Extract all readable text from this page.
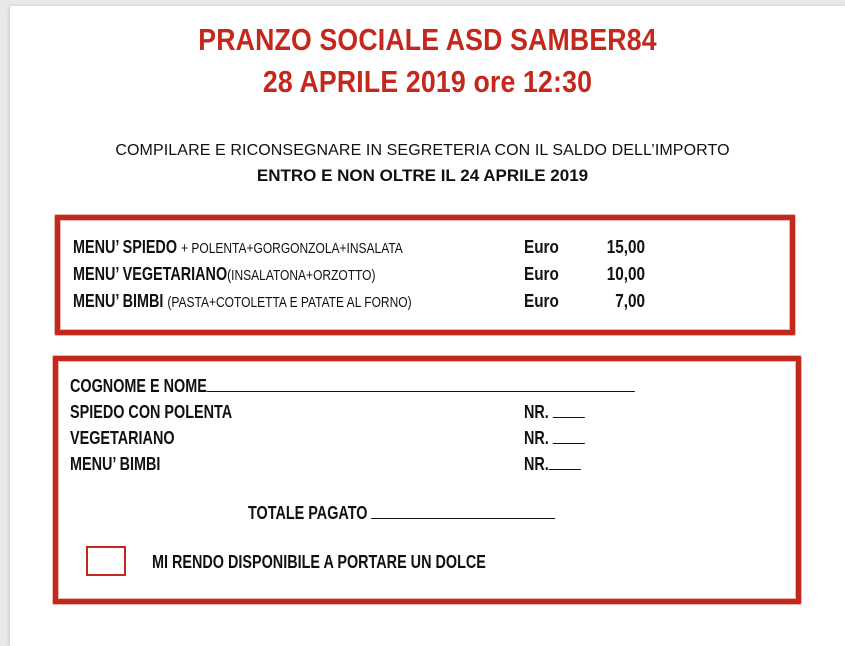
PRANZO SOCIALE ASD SAMBER84
28 APRILE 2019 ore 12:30
COMPILARE E RICONSEGNARE IN SEGRETERIA CON IL SALDO DELL’IMPORTO
ENTRO E NON OLTRE IL 24 APRILE 2019
MENU’ SPIEDO + POLENTA+GORGONZOLA+INSALATA	Euro	15,00
MENU’ VEGETARIANO(INSALATONA+ORZOTTO)	Euro	10,00
MENU’ BIMBI (PASTA+COTOLETTA E PATATE AL FORNO)	Euro	7,00
COGNOME E NOME
SPIEDO CON POLENTA	NR.
VEGETARIANO	NR.
MENU’ BIMBI	NR.
TOTALE PAGATO
MI RENDO DISPONIBILE A PORTARE UN DOLCE
